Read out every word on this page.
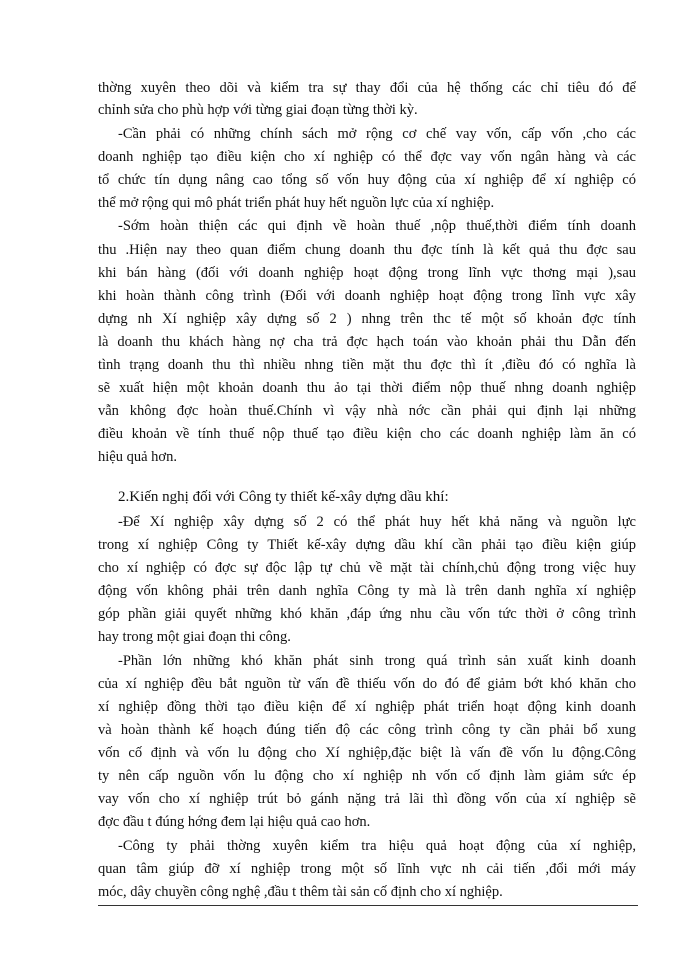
thờng xuyên theo dõi và kiểm tra sự thay đổi của hệ thống các chỉ tiêu đó để
chỉnh sửa cho phù hợp với từng giai đoạn từng thời kỳ.
-Cần phải có những chính sách mở rộng cơ chế vay vốn, cấp vốn ,cho các
doanh nghiệp tạo điều kiện cho xí nghiệp có thể đợc vay vốn ngân hàng và các
tổ chức tín dụng nâng cao tổng số vốn huy động của xí nghiệp để xí nghiệp có
thể mở rộng qui mô phát triển phát huy hết nguồn lực của xí nghiệp.
-Sớm hoàn thiện các qui định về hoàn thuế ,nộp thuế,thời điểm tính doanh
thu .Hiện nay theo quan điểm chung doanh thu đợc tính là kết quả thu đợc sau
khi bán hàng (đối với doanh nghiệp hoạt động trong lĩnh vực thơng mại ),sau
khi hoàn thành công trình (Đối với doanh nghiệp hoạt động trong lĩnh vực xây
dựng nh Xí nghiệp xây dựng số 2 ) nhng trên thc tế một số khoản đợc tính
là doanh thu khách hàng nợ cha trả đợc hạch toán vào khoản phải thu Dẫn đến
tình trạng doanh thu thì nhiều nhng tiền mặt thu đợc thì ít ,điều đó có nghĩa là
sẽ xuất hiện một khoản doanh thu ảo tại thời điểm nộp thuế nhng doanh nghiệp
vẫn không đợc hoàn thuế.Chính vì vậy nhà nớc cần phải qui định lại những
điều khoản về tính thuế nộp thuế tạo điều kiện cho các doanh nghiệp làm ăn có
hiệu quả hơn.
2.Kiến nghị đối với Công ty thiết kế-xây dựng dầu khí:
-Để Xí nghiệp xây dựng số 2 có thể phát huy hết khả năng và nguồn lực
trong xí nghiệp Công ty Thiết kế-xây dựng dầu khí cần phải tạo điều kiện giúp
cho xí nghiệp có đợc sự độc lập tự chủ về mặt tài chính,chủ động trong việc huy
động vốn không phải trên danh nghĩa Công ty mà là trên danh nghĩa xí nghiệp
góp phần giải quyết những khó khăn ,đáp ứng nhu cầu vốn tức thời ở công trình
hay trong một giai đoạn thi công.
-Phần lớn những khó khăn phát sinh trong quá trình sản xuất kinh doanh
của xí nghiệp đều bắt nguồn từ vấn đề thiếu vốn do đó để giảm bớt khó khăn cho
xí nghiệp đồng thời tạo điều kiện để xí nghiệp phát triển hoạt động kinh doanh
và hoàn thành kế hoạch đúng tiến độ các công trình công ty cần phải bổ xung
vốn cố định và vốn lu động cho Xí nghiệp,đặc biệt là vấn đề vốn lu động.Công
ty nên cấp nguồn vốn lu động cho xí nghiệp nh vốn cố định làm giảm sức ép
vay vốn cho xí nghiệp trút bỏ gánh nặng trả lãi thì đồng vốn của xí nghiệp sẽ
đợc đầu t đúng hớng đem lại hiệu quả cao hơn.
-Công ty phải thờng xuyên kiểm tra hiệu quả hoạt động của xí nghiệp,
quan tâm giúp đỡ xí nghiệp trong một số lĩnh vực nh cải tiến ,đổi mới máy
móc, dây chuyền công nghệ ,đầu t thêm tài sản cố định cho xí nghiệp.
